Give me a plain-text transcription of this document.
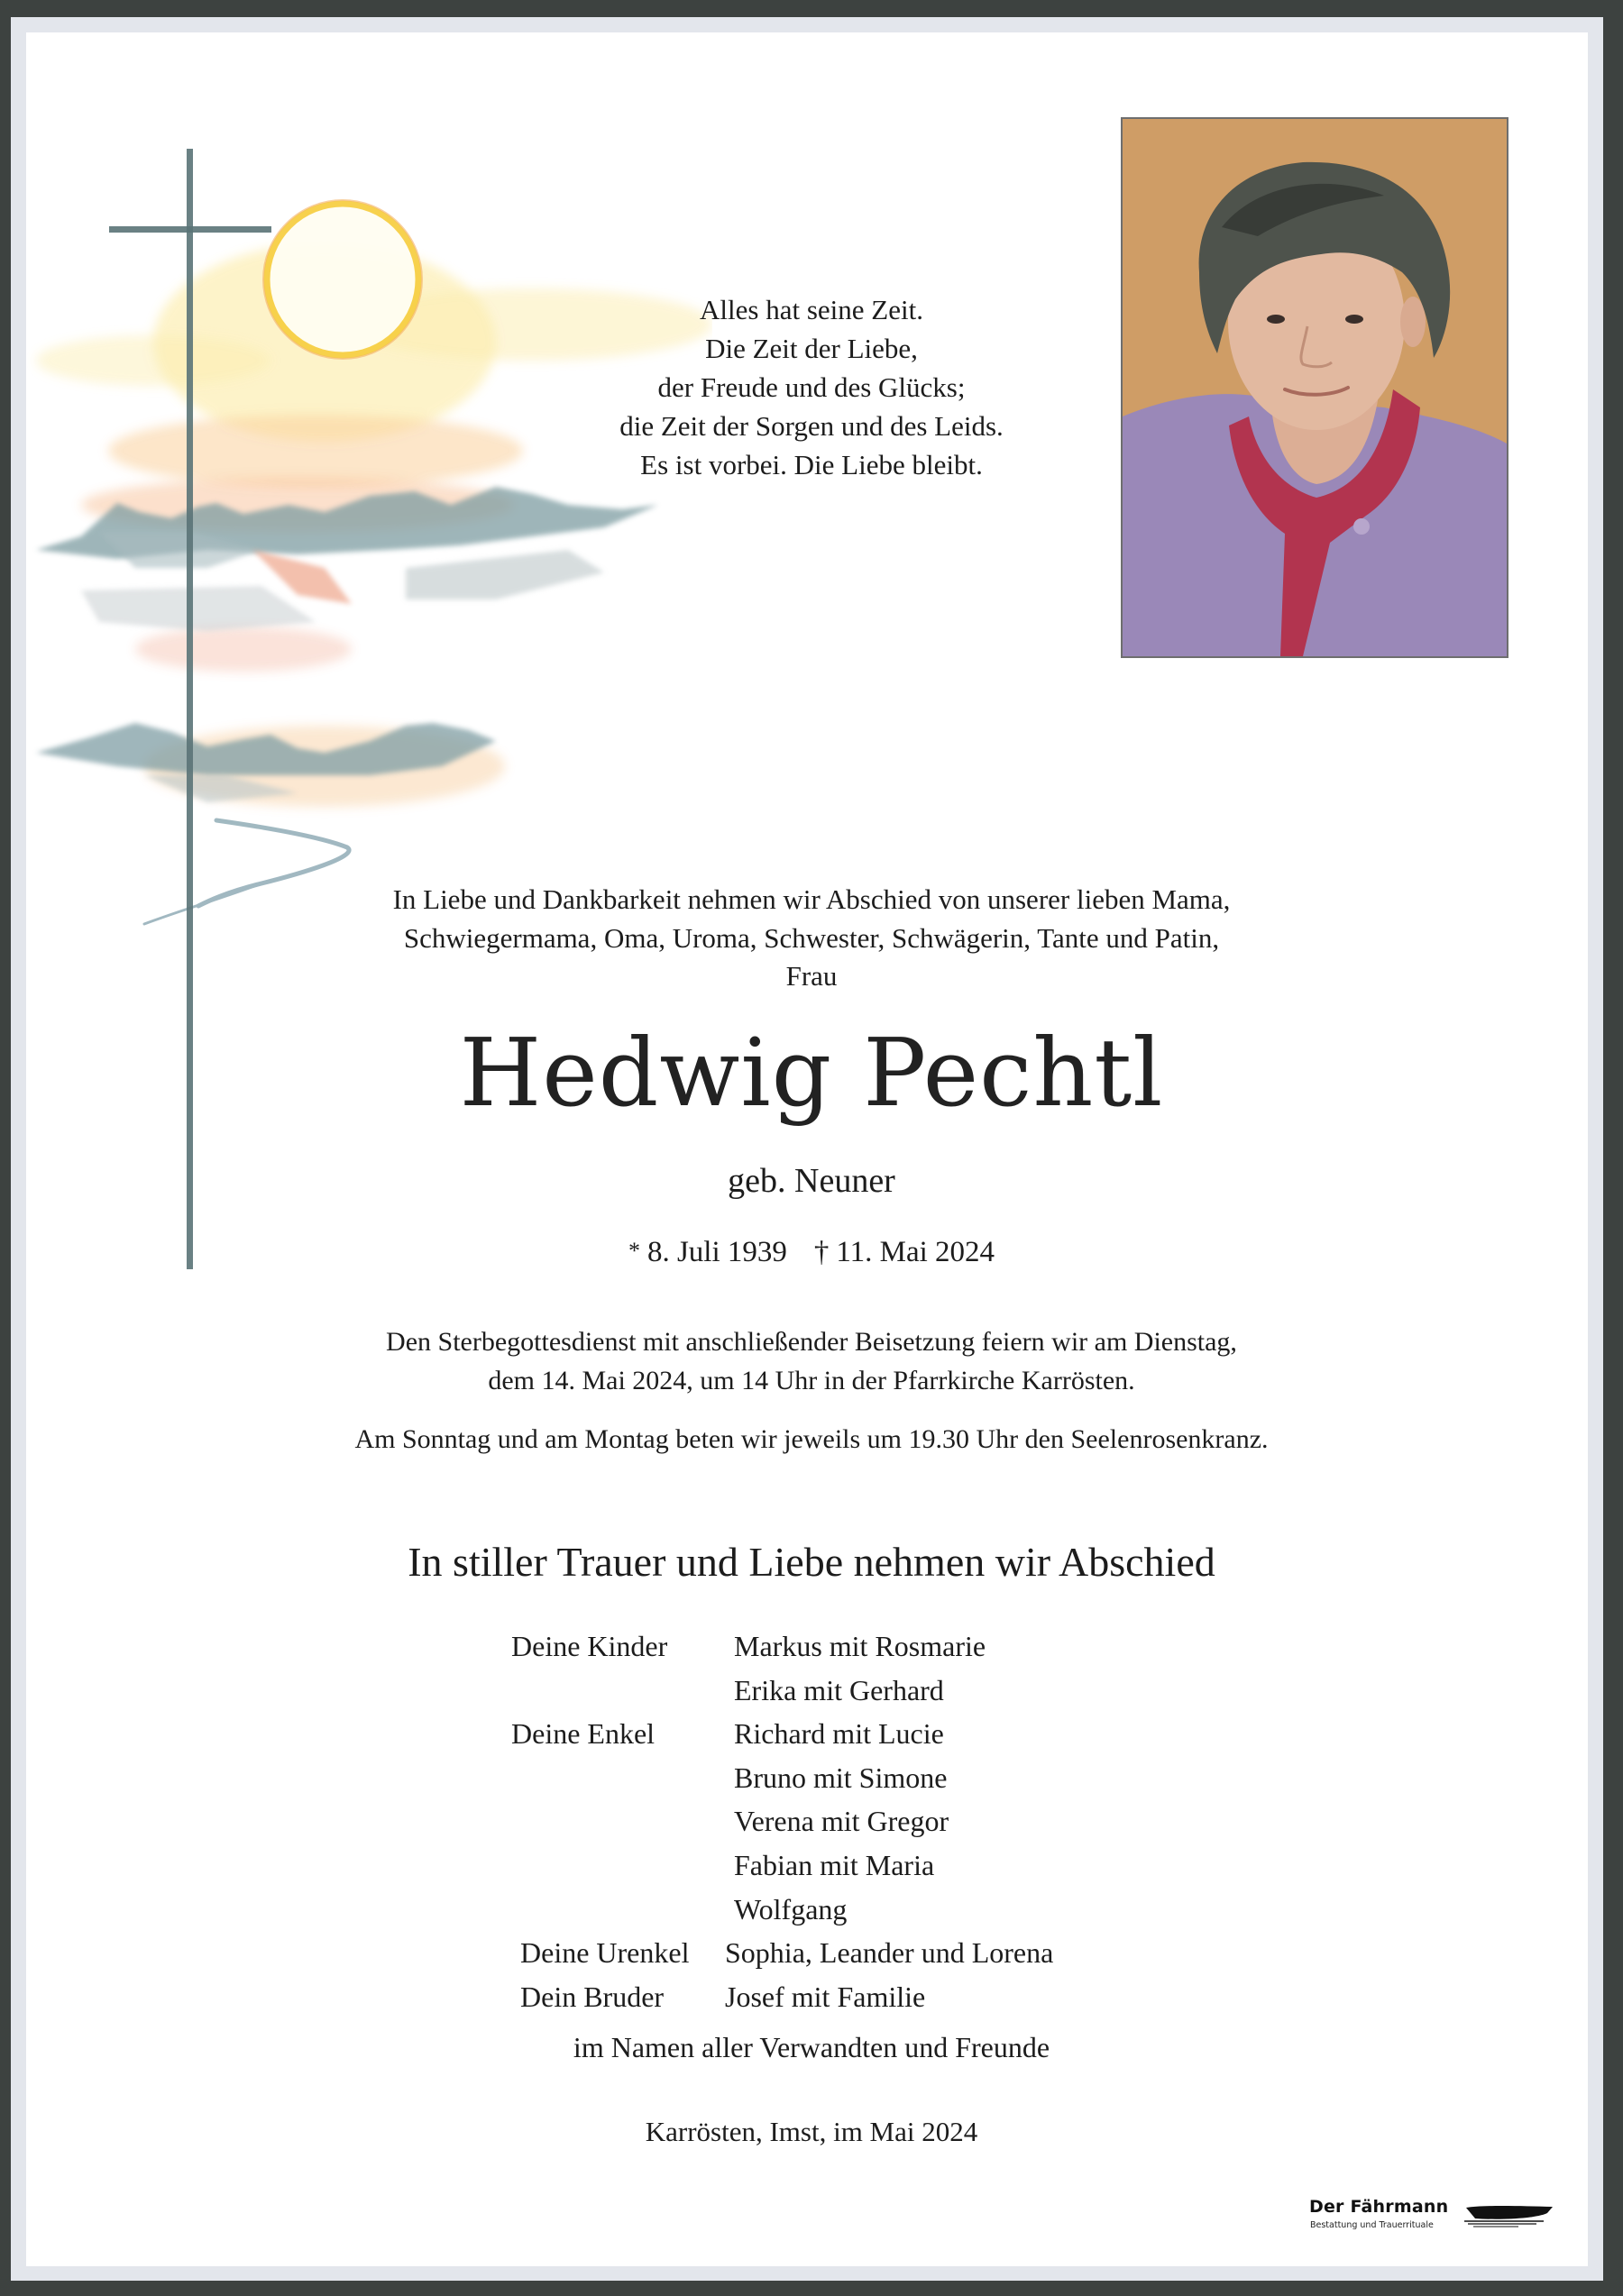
Alles hat seine Zeit.
Die Zeit der Liebe,
der Freude und des Glücks;
die Zeit der Sorgen und des Leids.
Es ist vorbei. Die Liebe bleibt.
In Liebe und Dankbarkeit nehmen wir Abschied von unserer lieben Mama,
Schwiegermama, Oma, Uroma, Schwester, Schwägerin, Tante und Patin,
Frau
Hedwig Pechtl
geb. Neuner
* 8. Juli 1939 † 11. Mai 2024
Den Sterbegottesdienst mit anschließender Beisetzung feiern wir am Dienstag,
dem 14. Mai 2024, um 14 Uhr in der Pfarrkirche Karrösten.
Am Sonntag und am Montag beten wir jeweils um 19.30 Uhr den Seelenrosenkranz.
In stiller Trauer und Liebe nehmen wir Abschied
Deine Kinder	Markus mit Rosmarie
Erika mit Gerhard
Deine Enkel	Richard mit Lucie
Bruno mit Simone
Verena mit Gregor
Fabian mit Maria
Wolfgang
Deine Urenkel	Sophia, Leander und Lorena
Dein Bruder	Josef mit Familie
im Namen aller Verwandten und Freunde
Karrösten, Imst, im Mai 2024
Der Fährmann
Bestattung und Trauerrituale
